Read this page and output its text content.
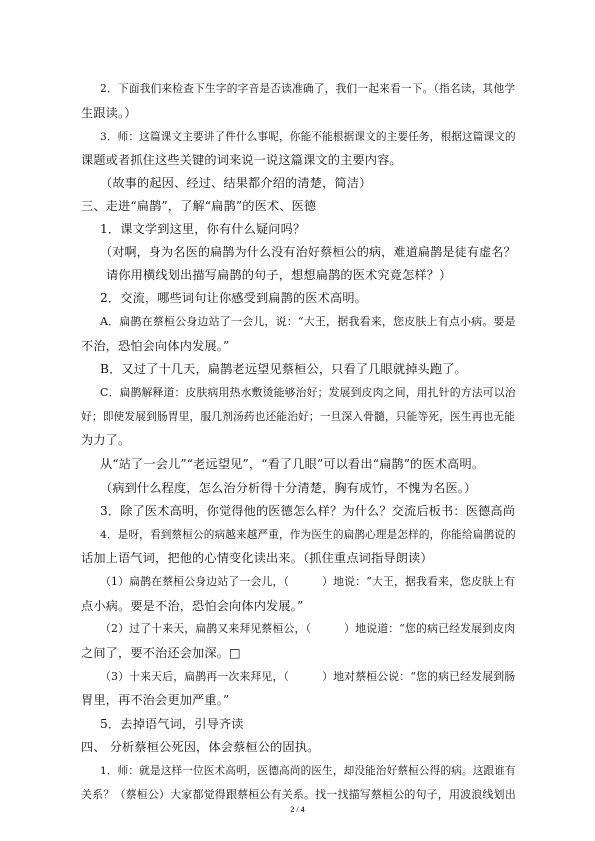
2．下面我们来检查下生字的字音是否读准确了，我们一起来看一下。（指名读，其他学
生跟读。）
3．师：这篇课文主要讲了件什么事呢，你能不能根据课文的主要任务，根据这篇课文的
课题或者抓住这些关键的词来说一说这篇课文的主要内容。
（故事的起因、经过、结果都介绍的清楚，简洁）
三、走进“扁鹊”，了解“扁鹊”的医术、医德
1．课文学到这里，你有什么疑问吗？
（对啊，身为名医的扁鹊为什么没有治好蔡桓公的病，难道扁鹊是徒有虚名？
请你用横线划出描写扁鹊的句子，想想扁鹊的医术究竟怎样？）
2．交流，哪些词句让你感受到扁鹊的医术高明。
A．扁鹊在蔡桓公身边站了一会儿，说：“大王，据我看来，您皮肤上有点小病。要是
不治，恐怕会向体内发展。”
B．又过了十几天，扁鹊老远望见蔡桓公，只看了几眼就掉头跑了。
C．扁鹊解释道：皮肤病用热水敷烫能够治好；发展到皮肉之间，用扎针的方法可以治
好；即使发展到肠胃里，服几剂汤药也还能治好；一旦深入骨髓，只能等死，医生再也无能
为力了。
从“站了一会儿”“老远望见”，“看了几眼”可以看出“扁鹊”的医术高明。
（病到什么程度，怎么治分析得十分清楚，胸有成竹，不愧为名医。）
3．除了医术高明，你觉得他的医德怎么样？为什么？交流后板书：医德高尚
4．是呀，看到蔡桓公的病越来越严重，作为医生的扁鹊心理是怎样的，你能给扁鹊说的
话加上语气词，把他的心情变化读出来。（抓住重点词指导朗读）
（1）扁鹊在蔡桓公身边站了一会儿，（　　　）地说：“大王，据我看来，您皮肤上有
点小病。要是不治，恐怕会向体内发展。”
（2）过了十来天，扁鹊又来拜见蔡桓公，（　　　）地说道：“您的病已经发展到皮肉
之间了，要不治还会加深。□
（3）十来天后，扁鹊再一次来拜见，（　　　）地对蔡桓公说：“您的病已经发展到肠
胃里，再不治会更加严重。”
5．去掉语气词，引导齐读
四、 分析蔡桓公死因，体会蔡桓公的固执。
1．师：就是这样一位医术高明，医德高尚的医生，却没能治好蔡桓公得的病。这跟谁有
关系？（蔡桓公）大家都觉得跟蔡桓公有关系。找一找描写蔡桓公的句子，用波浪线划出
2 / 4
